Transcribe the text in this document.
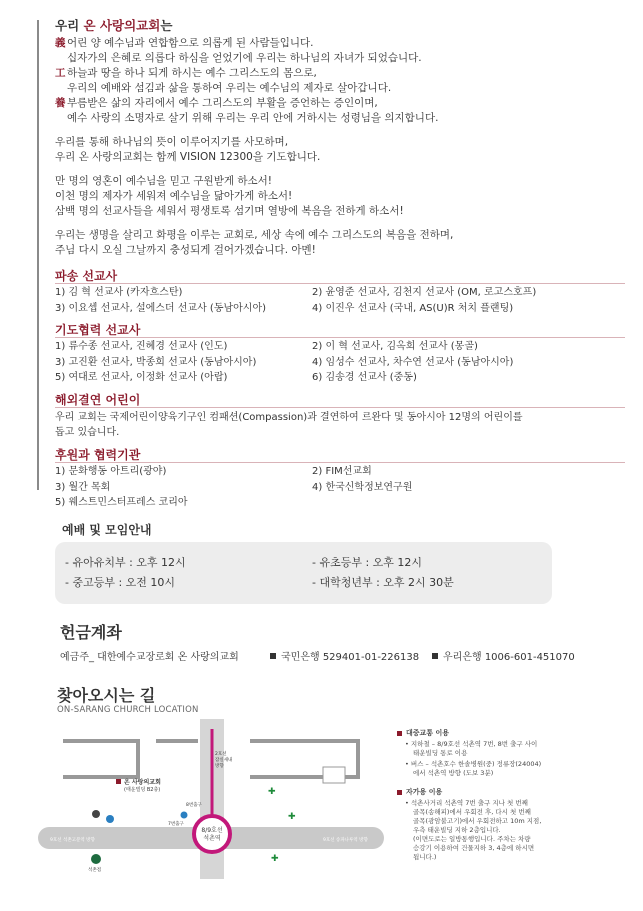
우리 온 사랑의교회는
義 어린 양 예수님과 연합함으로 의롭게 된 사람들입니다.
십자가의 은혜로 의롭다 하심을 얻었기에 우리는 하나님의 자녀가 되었습니다.
工 하늘과 땅을 하나 되게 하시는 예수 그리스도의 몸으로,
우리의 예배와 섬김과 삶을 통하여 우리는 예수님의 제자로 살아갑니다.
養 부름받은 삶의 자리에서 예수 그리스도의 부활을 증언하는 증인이며,
예수 사랑의 소명자로 살기 위해 우리는 우리 안에 거하시는 성령님을 의지합니다.
우리를 통해 하나님의 뜻이 이루어지기를 사모하며,
우리 온 사랑의교회는 함께 VISION 12300을 기도합니다.
만 명의 영혼이 예수님을 믿고 구원받게 하소서!
이천 명의 제자가 세워져 예수님을 닮아가게 하소서!
삼백 명의 선교사들을 세워서 평생토록 섬기며 열방에 복음을 전하게 하소서!
우리는 생명을 살리고 화평을 이루는 교회로, 세상 속에 예수 그리스도의 복음을 전하며,
주님 다시 오실 그날까지 충성되게 걸어가겠습니다. 아멘!
파송 선교사
1) 김 혁 선교사 (카자흐스탄)	2) 윤영준 선교사, 김천지 선교사 (OM, 로고스호프)
3) 이요셉 선교사, 설에스더 선교사 (동남아시아)	4) 이진우 선교사 (국내, AS(U)R 처치 플랜팅)
기도협력 선교사
1) 류수종 선교사, 진혜경 선교사 (인도)	2) 이 혁 선교사, 김옥희 선교사 (몽골)
3) 고진환 선교사, 박종희 선교사 (동남아시아)	4) 임성수 선교사, 차수연 선교사 (동남아시아)
5) 여대로 선교사, 이정화 선교사 (아랍)	6) 김송경 선교사 (중동)
해외결연 어린이
우리 교회는 국제어린이양육기구인 컴패션(Compassion)과 결연하여 르완다 및 동아시아 12명의 어린이를
돕고 있습니다.
후원과 협력기관
1) 문화행동 아트리(광야)	2) FIM선교회
3) 월간 목회	4) 한국신학정보연구원
5) 웨스트민스터프레스 코리아
예배 및 모임안내
- 유아유치부 : 오후 12시	- 유초등부 : 오후 12시
- 중고등부 : 오전 10시	- 대학청년부 : 오후 2시 30분
헌금계좌
예금주_ 대한예수교장로회 온 사랑의교회	국민은행 529401-01-226138	우리은행 1006-601-451070
찾아오시는 길
ON-SARANG CHURCH LOCATION
8/9호선
석촌역
9호선 석촌고분역 방향	9호선 송파나루역 방향
온 사랑의교회
(태운빌딩 B2층)
7번출구
8번출구
2호선
잠실새내
방향
석촌점
✚
✚
✚
대중교통 이용
• 지하철 – 8/9호선 석촌역 7번, 8번 출구 사이
태운빌딩 통로 이용
• 버스 – 석촌호수 한솔병원(중) 정류장(24004)
에서 석촌역 방향 (도보 3분)
자가용 이용
• 석촌사거리 석촌역 7번 출구 지나 첫 번째
골목(송해피)에서 우회전 후, 다시 첫 번째
골목(광암불고기)에서 우회전하고 10m 지점,
우측 태운빌딩 지하 2층입니다.
(이면도로는 일방통행입니다. 주차는 차량
승강기 이용하여 건물지하 3, 4층에 하시면
됩니다.)
